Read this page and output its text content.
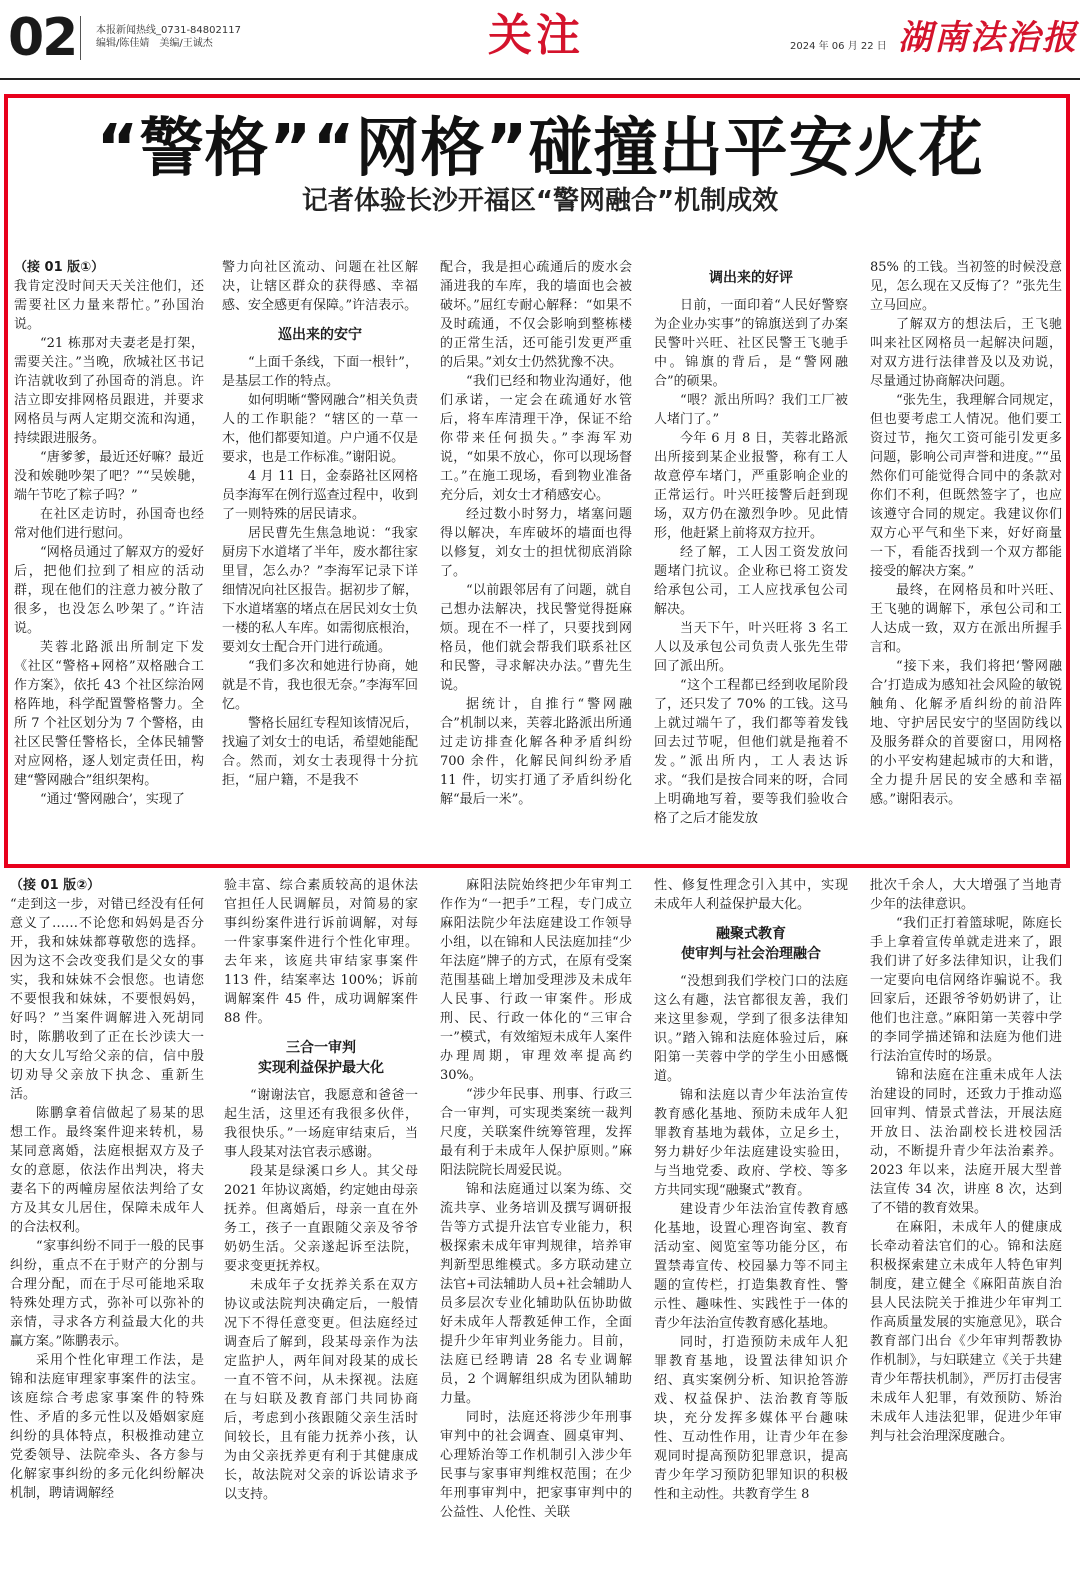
02 本报新闻热线_0731-84802117
编辑/陈佳婧　美编/王诚杰	关注	2024 年 06 月 22 日 湖南法治报
“警格”“网格”碰撞出平安火花
记者体验长沙开福区“警网融合”机制成效

（接 01 版①）
我肯定没时间天天关注他们，还需要社区力量来帮忙。”孙国治说。

“21 栋那对夫妻老是打架，需要关注。”当晚，欣城社区书记许洁就收到了孙国奇的消息。许洁立即安排网格员跟进，并要求网格员与两人定期交流和沟通，持续跟进服务。

“唐爹爹，最近还好嘛？最近没和娭毑吵架了吧？”“吴娭毑，端午节吃了粽子吗？”

在社区走访时，孙国奇也经常对他们进行慰问。

“网格员通过了解双方的爱好后，把他们拉到了相应的活动群，现在他们的注意力被分散了很多，也没怎么吵架了。”许洁说。

芙蓉北路派出所制定下发《社区“警格+网格”双格融合工作方案》，依托 43 个社区综治网格阵地，科学配置警格警力。全所 7 个社区划分为 7 个警格，由社区民警任警格长，全体民辅警对应网格，逐人划定责任田，构建“警网融合”组织架构。

“通过‘警网融合’，实现了

警力向社区流动、问题在社区解决，让辖区群众的获得感、幸福感、安全感更有保障。”许洁表示。

巡出来的安宁

“上面千条线，下面一根针”，是基层工作的特点。

如何明晰“警网融合”相关负责人的工作职能？“辖区的一草一木，他们都要知道。户户通不仅是要求，也是工作标准。”谢阳说。

4 月 11 日，金泰路社区网格员李海军在例行巡查过程中，收到了一则特殊的居民请求。

居民曹先生焦急地说：“我家厨房下水道堵了半年，废水都往家里冒，怎么办？”李海军记录下详细情况向社区报告。据初步了解，下水道堵塞的堵点在居民刘女士负一楼的私人车库。如需彻底根治，要刘女士配合开门进行疏通。

“我们多次和她进行协商，她就是不肯，我也很无奈。”李海军回忆。

警格长屈红专程知该情况后，找遍了刘女士的电话，希望她能配合。然而，刘女士表现得十分抗拒，“屈户籍，不是我不

配合，我是担心疏通后的废水会涌进我的车库，我的墙面也会被破坏。”屈红专耐心解释：“如果不及时疏通，不仅会影响到整栋楼的正常生活，还可能引发更严重的后果。”刘女士仍然犹豫不决。

“我们已经和物业沟通好，他们承诺，一定会在疏通好水管后，将车库清理干净，保证不给你带来任何损失。”李海军劝说，“如果不放心，你可以现场督工。”在施工现场，看到物业准备充分后，刘女士才稍感安心。

经过数小时努力，堵塞问题得以解决，车库破坏的墙面也得以修复，刘女士的担忧彻底消除了。

“以前跟邻居有了问题，就自己想办法解决，找民警觉得挺麻烦。现在不一样了，只要找到网格员，他们就会帮我们联系社区和民警，寻求解决办法。”曹先生说。

据统计，自推行“警网融合”机制以来，芙蓉北路派出所通过走访排查化解各种矛盾纠纷 700 余件，化解民间纠纷矛盾 11 件，切实打通了矛盾纠纷化解“最后一米”。

调出来的好评

日前，一面印着“人民好警察 为企业办实事”的锦旗送到了办案民警叶兴旺、社区民警王飞驰手中。锦旗的背后，是“警网融合”的硕果。

“喂？派出所吗？我们工厂被人堵门了。”

今年 6 月 8 日，芙蓉北路派出所接到某企业报警，称有工人故意停车堵门，严重影响企业的正常运行。叶兴旺接警后赶到现场，双方仍在激烈争吵。见此情形，他赶紧上前将双方拉开。

经了解，工人因工资发放问题堵门抗议。企业称已将工资发给承包公司，工人应找承包公司解决。

当天下午，叶兴旺将 3 名工人以及承包公司负责人张先生带回了派出所。

“这个工程都已经到收尾阶段了，还只发了 70% 的工钱。这马上就过端午了，我们都等着发钱回去过节呢，但他们就是拖着不发。”派出所内，工人表达诉求。“我们是按合同来的呀，合同上明确地写着，要等我们验收合格了之后才能发放

85% 的工钱。当初签的时候没意见，怎么现在又反悔了？”张先生立马回应。

了解双方的想法后，王飞驰叫来社区网格员一起解决问题，对双方进行法律普及以及劝说，尽量通过协商解决问题。

“张先生，我理解合同规定，但也要考虑工人情况。他们要工资过节，拖欠工资可能引发更多问题，影响公司声誉和进度。”“虽然你们可能觉得合同中的条款对你们不利，但既然签字了，也应该遵守合同的规定。我建议你们双方心平气和坐下来，好好商量一下，看能否找到一个双方都能接受的解决方案。”

最终，在网格员和叶兴旺、王飞驰的调解下，承包公司和工人达成一致，双方在派出所握手言和。

“接下来，我们将把‘警网融合’打造成为感知社会风险的敏锐触角、化解矛盾纠纷的前沿阵地、守护居民安宁的坚固防线以及服务群众的首要窗口，用网格的小平安构建起城市的大和谐，全力提升居民的安全感和幸福感。”谢阳表示。

（接 01 版②）
“走到这一步，对错已经没有任何意义了……不论您和妈妈是否分开，我和妹妹都尊敬您的选择。因为这不会改变我们是父女的事实，我和妹妹不会恨您。也请您不要恨我和妹妹，不要恨妈妈，好吗？”当案件调解进入死胡同时，陈鹏收到了正在长沙读大一的大女儿写给父亲的信，信中殷切劝导父亲放下执念、重新生活。

陈鹏拿着信做起了易某的思想工作。最终案件迎来转机，易某同意离婚，法庭根据双方及子女的意愿，依法作出判决，将夫妻名下的两幢房屋依法判给了女方及其女儿居住，保障未成年人的合法权利。

“家事纠纷不同于一般的民事纠纷，重点不在于财产的分割与合理分配，而在于尽可能地采取特殊处理方式，弥补可以弥补的亲情，寻求各方利益最大化的共赢方案。”陈鹏表示。

采用个性化审理工作法，是锦和法庭审理家事案件的法宝。该庭综合考虑家事案件的特殊性、矛盾的多元性以及婚姻家庭纠纷的具体特点，积极推动建立党委领导、法院牵头、各方参与化解家事纠纷的多元化纠纷解决机制，聘请调解经

验丰富、综合素质较高的退休法官担任人民调解员，对简易的家事纠纷案件进行诉前调解，对每一件家事案件进行个性化审理。去年来，该庭共审结家事案件 113 件，结案率达 100%；诉前调解案件 45 件，成功调解案件 88 件。

三合一审判
实现利益保护最大化

“谢谢法官，我愿意和爸爸一起生活，这里还有我很多伙伴，我很快乐。”一场庭审结束后，当事人段某对法官表示感谢。

段某是绿溪口乡人。其父母 2021 年协议离婚，约定她由母亲抚养。但离婚后，母亲一直在外务工，孩子一直跟随父亲及爷爷奶奶生活。父亲遂起诉至法院，要求变更抚养权。

未成年子女抚养关系在双方协议或法院判决确定后，一般情况下不得任意变更。但法庭经过调查后了解到，段某母亲作为法定监护人，两年间对段某的成长一直不管不问，从未探视。法庭在与妇联及教育部门共同协商后，考虑到小孩跟随父亲生活时间较长，且有能力抚养小孩，认为由父亲抚养更有利于其健康成长，故法院对父亲的诉讼请求予以支持。

麻阳法院始终把少年审判工作作为“一把手”工程，专门成立麻阳法院少年法庭建设工作领导小组，以在锦和人民法庭加挂“少年法庭”牌子的方式，在原有受案范围基础上增加受理涉及未成年人民事、行政一审案件。形成刑、民、行政一体化的“三审合一”模式，有效缩短未成年人案件办理周期，审理效率提高约 30%。

“涉少年民事、刑事、行政三合一审判，可实现类案统一裁判尺度，关联案件统筹管理，发挥最有利于未成年人保护原则。”麻阳法院院长周爱民说。

锦和法庭通过以案为练、交流共享、业务培训及撰写调研报告等方式提升法官专业能力，积极探索未成年审判规律，培养审判新型思维模式。多方联动建立法官+司法辅助人员+社会辅助人员多层次专业化辅助队伍协助做好未成年人帮教延伸工作，全面提升少年审判业务能力。目前，法庭已经聘请 28 名专业调解员，2 个调解组织成为团队辅助力量。

同时，法庭还将涉少年刑事审判中的社会调查、圆桌审判、心理矫治等工作机制引入涉少年民事与家事审判维权范围；在少年刑事审判中，把家事审判中的公益性、人伦性、关联

性、修复性理念引入其中，实现未成年人利益保护最大化。

融聚式教育
使审判与社会治理融合

“没想到我们学校门口的法庭这么有趣，法官都很友善，我们来这里参观，学到了很多法律知识。”踏入锦和法庭体验过后，麻阳第一芙蓉中学的学生小田感慨道。

锦和法庭以青少年法治宣传教育感化基地、预防未成年人犯罪教育基地为载体，立足乡土，努力耕好少年法庭建设实验田，与当地党委、政府、学校、等多方共同实现“融聚式”教育。

建设青少年法治宣传教育感化基地，设置心理咨询室、教育活动室、阅览室等功能分区，布置禁毒宣传、校园暴力等不同主题的宣传栏，打造集教育性、警示性、趣味性、实践性于一体的青少年法治宣传教育感化基地。

同时，打造预防未成年人犯罪教育基地，设置法律知识介绍、真实案例分析、知识抢答游戏、权益保护、法治教育等版块，充分发挥多媒体平台趣味性、互动性作用，让青少年在参观同时提高预防犯罪意识，提高青少年学习预防犯罪知识的积极性和主动性。共教育学生 8

批次千余人，大大增强了当地青少年的法律意识。

“我们正打着篮球呢，陈庭长手上拿着宣传单就走进来了，跟我们讲了好多法律知识，让我们一定要向电信网络诈骗说不。我回家后，还跟爷爷奶奶讲了，让他们也注意。”麻阳第一芙蓉中学的李同学描述锦和法庭为他们进行法治宣传时的场景。

锦和法庭在注重未成年人法治建设的同时，还致力于推动巡回审判、情景式普法，开展法庭开放日、法治副校长进校园活动，不断提升青少年法治素养。2023 年以来，法庭开展大型普法宣传 34 次，讲座 8 次，达到了不错的教育效果。

在麻阳，未成年人的健康成长牵动着法官们的心。锦和法庭积极探索建立未成年人特色审判制度，建立健全《麻阳苗族自治县人民法院关于推进少年审判工作高质量发展的实施意见》，联合教育部门出台《少年审判帮教协作机制》，与妇联建立《关于共建青少年帮扶机制》，严厉打击侵害未成年人犯罪，有效预防、矫治未成年人违法犯罪，促进少年审判与社会治理深度融合。
